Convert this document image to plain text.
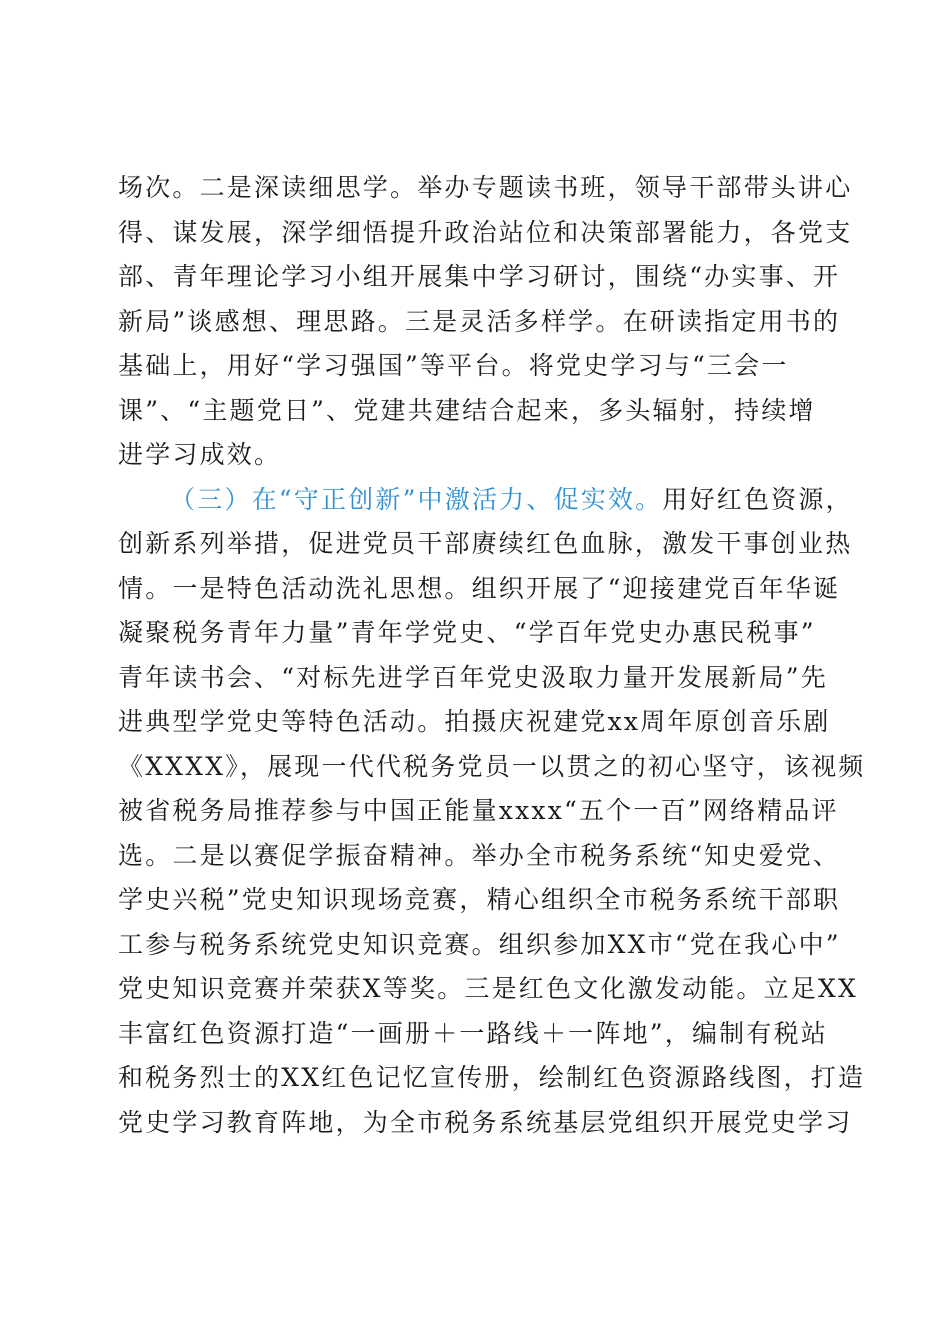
场次。二是深读细思学。举办专题读书班，领导干部带头讲心
得、谋发展，深学细悟提升政治站位和决策部署能力，各党支
部、青年理论学习小组开展集中学习研讨，围绕“办实事、开
新局”谈感想、理思路。三是灵活多样学。在研读指定用书的
基础上，用好“学习强国”等平台。将党史学习与“三会一
课”、“主题党日”、党建共建结合起来，多头辐射，持续增
进学习成效。
（三）在“守正创新”中激活力、促实效。用好红色资源，
创新系列举措，促进党员干部赓续红色血脉，激发干事创业热
情。一是特色活动洗礼思想。组织开展了“迎接建党百年华诞
凝聚税务青年力量”青年学党史、“学百年党史办惠民税事”
青年读书会、“对标先进学百年党史汲取力量开发展新局”先
进典型学党史等特色活动。拍摄庆祝建党xx周年原创音乐剧
《XXXX》，展现一代代税务党员一以贯之的初心坚守，该视频
被省税务局推荐参与中国正能量xxxx“五个一百”网络精品评
选。二是以赛促学振奋精神。举办全市税务系统“知史爱党、
学史兴税”党史知识现场竞赛，精心组织全市税务系统干部职
工参与税务系统党史知识竞赛。组织参加XX市“党在我心中”
党史知识竞赛并荣获X等奖。三是红色文化激发动能。立足XX
丰富红色资源打造“一画册＋一路线＋一阵地”，编制有税站
和税务烈士的XX红色记忆宣传册，绘制红色资源路线图，打造
党史学习教育阵地，为全市税务系统基层党组织开展党史学习
